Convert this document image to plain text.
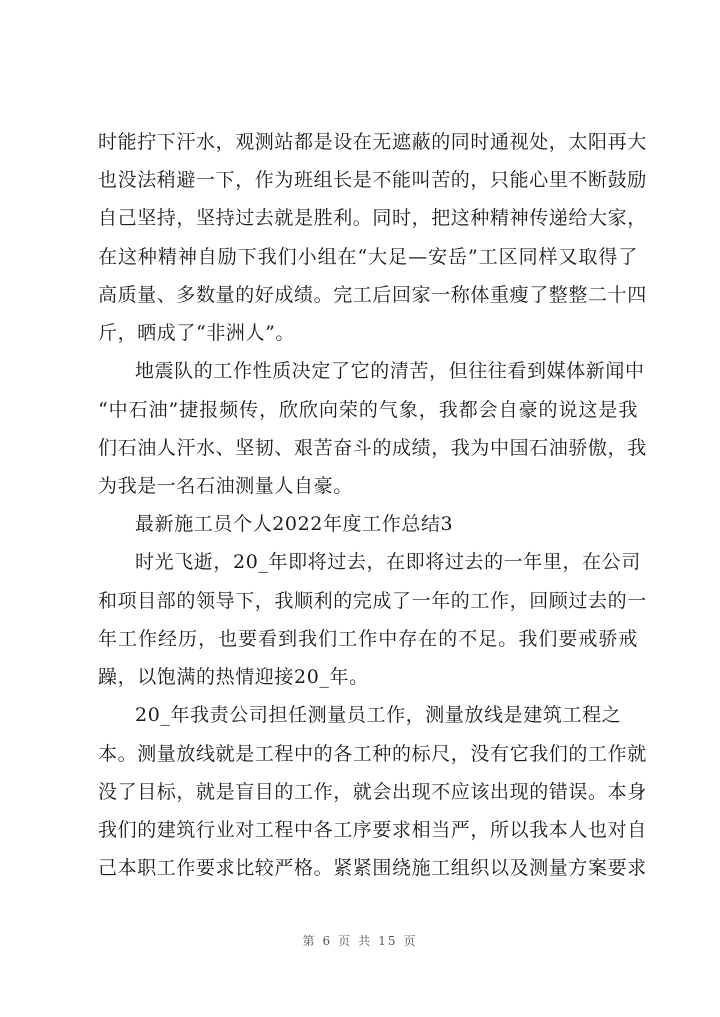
时能拧下汗水，观测站都是设在无遮蔽的同时通视处，太阳再大
也没法稍避一下，作为班组长是不能叫苦的，只能心里不断鼓励
自己坚持，坚持过去就是胜利。同时，把这种精神传递给大家，
在这种精神自励下我们小组在“大足—安岳”工区同样又取得了
高质量、多数量的好成绩。完工后回家一称体重瘦了整整二十四
斤，晒成了“非洲人”。
地震队的工作性质决定了它的清苦，但往往看到媒体新闻中
“中石油”捷报频传，欣欣向荣的气象，我都会自豪的说这是我
们石油人汗水、坚韧、艰苦奋斗的成绩，我为中国石油骄傲，我
为我是一名石油测量人自豪。
最新施工员个人2022年度工作总结3
时光飞逝，20_年即将过去，在即将过去的一年里，在公司
和项目部的领导下，我顺利的完成了一年的工作，回顾过去的一
年工作经历，也要看到我们工作中存在的不足。我们要戒骄戒
躁，以饱满的热情迎接20_年。
20_年我责公司担任测量员工作，测量放线是建筑工程之
本。测量放线就是工程中的各工种的标尺，没有它我们的工作就
没了目标，就是盲目的工作，就会出现不应该出现的错误。本身
我们的建筑行业对工程中各工序要求相当严，所以我本人也对自
己本职工作要求比较严格。紧紧围绕施工组织以及测量方案要求
第 6 页 共 15 页
